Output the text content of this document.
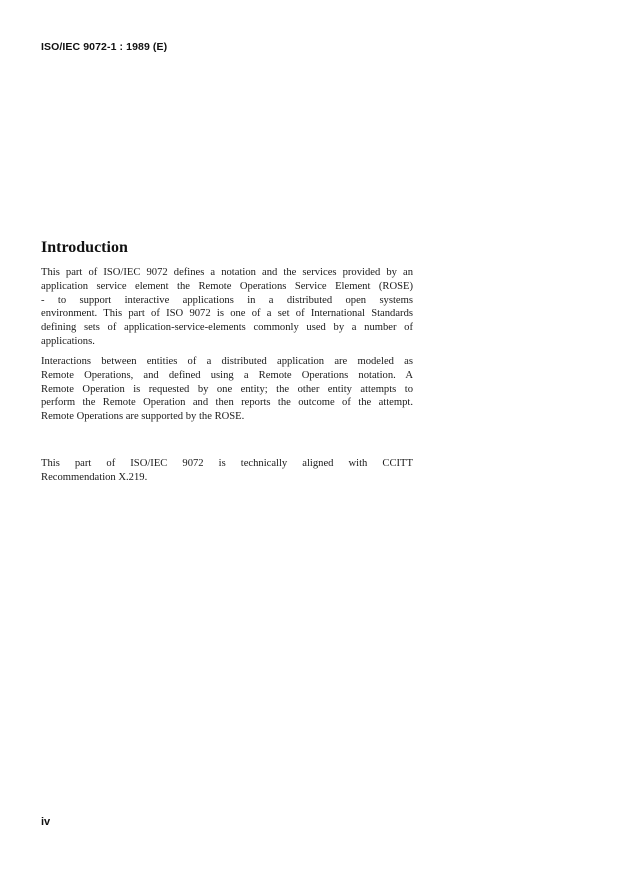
ISO/IEC 9072-1 : 1989 (E)
Introduction
This part of ISO/IEC 9072 defines a notation and the services provided by an
application service element the Remote Operations Service Element (ROSE)
- to support interactive applications in a distributed open systems
environment. This part of ISO 9072 is one of a set of International Standards
defining sets of application-service-elements commonly used by a number of
applications.
Interactions between entities of a distributed application are modeled as
Remote Operations, and defined using a Remote Operations notation. A
Remote Operation is requested by one entity; the other entity attempts to
perform the Remote Operation and then reports the outcome of the attempt.
Remote Operations are supported by the ROSE.
This part of ISO/IEC 9072 is technically aligned with CCITT
Recommendation X.219.
iv
